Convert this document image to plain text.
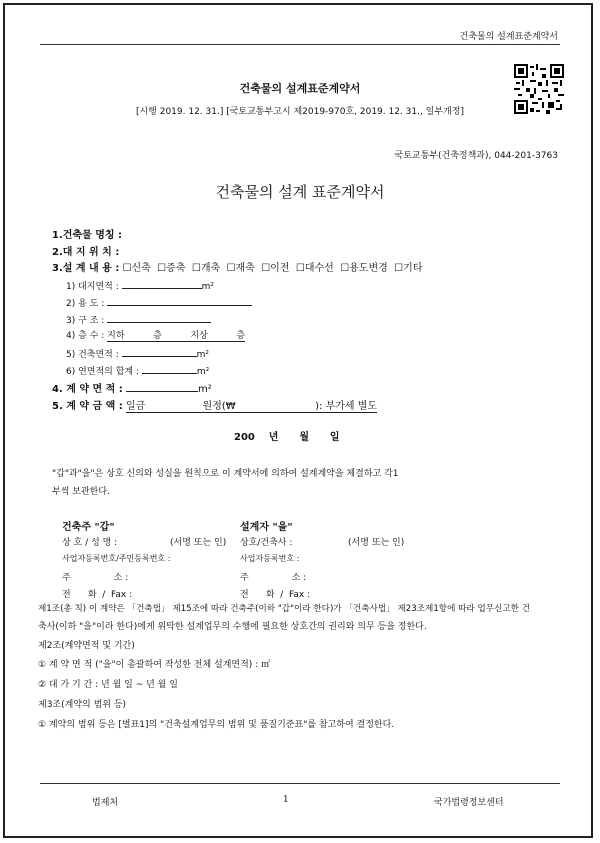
건축물의 설계표준계약서
건축물의 설계표준계약서
[시행 2019. 12. 31.] [국토교통부고시 제2019-970호, 2019. 12. 31., 일부개정]
국토교통부(건축정책과), 044-201-3763
건축물의 설계 표준계약서
1.건축물 명칭 :
2.대 지 위 치 :
3.설 계 내 용 : ☐신축  ☐증축  ☐개축  ☐재축  ☐이전  ☐대수선  ☐용도변경  ☐기타
1) 대지면적 :	m²
2) 용 도 :
3) 구 조 :
4) 층 수 : 지하          층          지상          층
5) 건축면적 :	m²
6) 연면적의 합계 :	m²
4. 계 약 면 적 :	m²
5. 계 약 금 액 : 일금                  원정(₩                         ): 부가세 별도
200    년      월      일
"갑"과"을"은 상호 신의와 성실을 원칙으로 이 계약서에 의하여 설계계약을 체결하고 각1
부씩 보관한다.
건축주 "갑"	설계자 "을"
상 호 / 성 명 :	(서명 또는 인) 상호/건축사 :	(서명 또는 인)
사업자등록번호/주민등록번호 :	사업자등록번호 :
주               소 :	주               소 :
전      화  /  Fax :	전      화  /  Fax :
제1조(총 칙) 이 계약은 「건축법」 제15조에 따라 건축주(이하 "갑"이라 한다)가 「건축사법」 제23조제1항에 따라 업무신고한 건
축사(이하 "을"이라 한다)에게 위탁한 설계업무의 수행에 필요한 상호간의 권리와 의무 등을 정한다.
제2조(계약면적 및 기간)
① 계 약 면 적 ("을"이 총괄하여 작성한 전체 설계면적) : ㎡
② 대 가 기 간 : 년 월 일 ~ 년 월 일
제3조(계약의 범위 등)
① 계약의 범위 등은 [별표1]의 "건축설계업무의 범위 및 품질기준표"를 참고하여 결정한다.
법제처	1	국가법령정보센터
